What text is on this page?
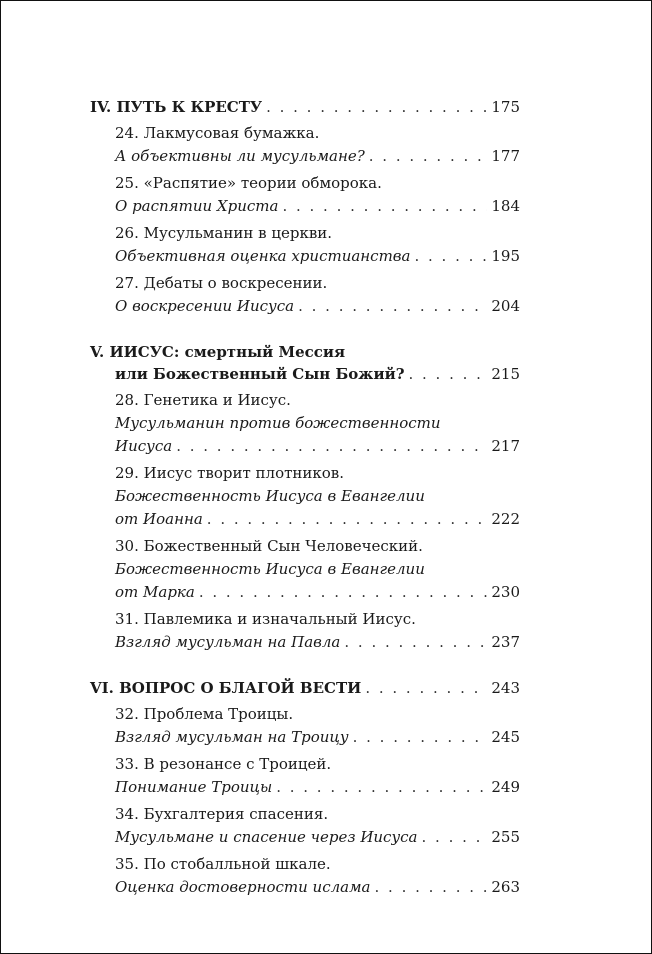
IV. ПУТЬ К КРЕСТУ . . .	175
24. Лакмусовая бумажка.
А объективны ли мусульмане? . . .	177
25. «Распятие» теории обморока.
О распятии Христа . . .	184
26. Мусульманин в церкви.
Объективная оценка христианства . . .	195
27. Дебаты о воскресении.
О воскресении Иисуса . . .	204
V. ИИСУС: смертный Мессия
или Божественный Сын Божий? . . .	215
28. Генетика и Иисус.
Мусульманин против божественности
Иисуса . . .	217
29. Иисус творит плотников.
Божественность Иисуса в Евангелии
от Иоанна . . .	222
30. Божественный Сын Человеческий.
Божественность Иисуса в Евангелии
от Марка . . .	230
31. Павлемика и изначальный Иисус.
Взгляд мусульман на Павла . . .	237
VI. ВОПРОС О БЛАГОЙ ВЕСТИ . . .	243
32. Проблема Троицы.
Взгляд мусульман на Троицу . . .	245
33. В резонансе с Троицей.
Понимание Троицы . . .	249
34. Бухгалтерия спасения.
Мусульмане и спасение через Иисуса . . .	255
35. По стобалльной шкале.
Оценка достоверности ислама . . .	263
